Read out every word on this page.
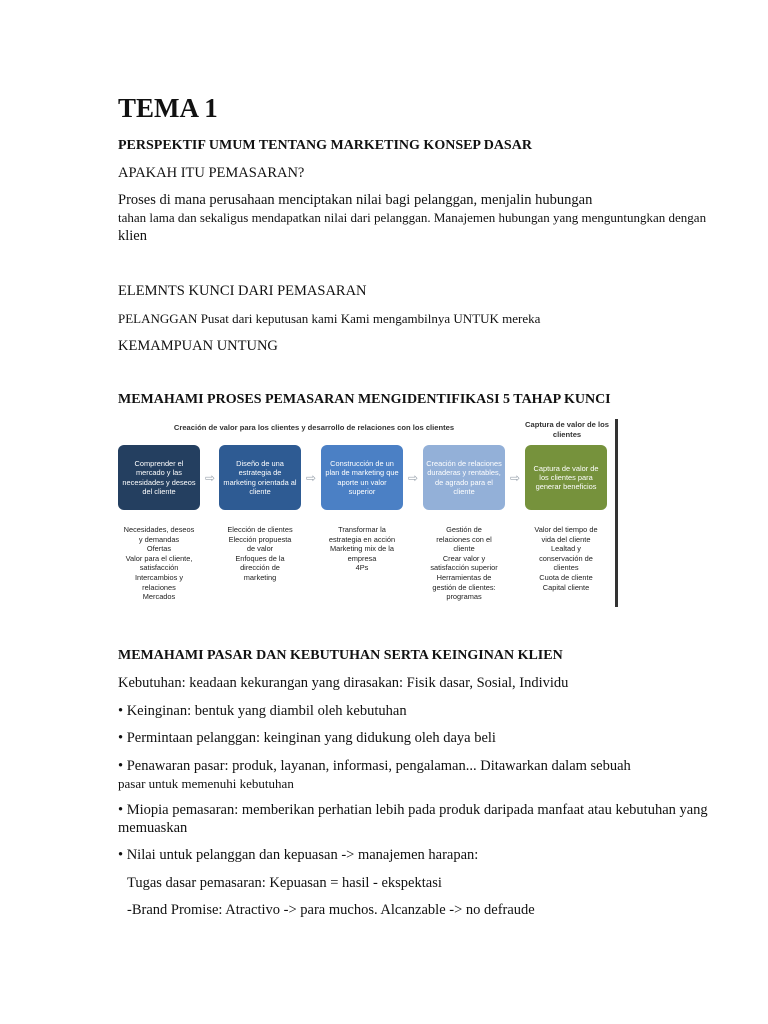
TEMA 1
PERSPEKTIF UMUM TENTANG MARKETING KONSEP DASAR
APAKAH ITU PEMASARAN?
Proses di mana perusahaan menciptakan nilai bagi pelanggan, menjalin hubungan
tahan lama dan sekaligus mendapatkan nilai dari pelanggan. Manajemen hubungan yang menguntungkan dengan
klien
ELEMNTS KUNCI DARI PEMASARAN
PELANGGAN Pusat dari keputusan kami Kami mengambilnya UNTUK mereka
KEMAMPUAN UNTUNG
MEMAHAMI PROSES PEMASARAN MENGIDENTIFIKASI 5 TAHAP KUNCI
Creación de valor para los clientes y desarrollo de relaciones con los clientes	Captura de valor de los clientes
Comprender el mercado y las necesidades y deseos del cliente
⇨
Diseño de una estrategia de marketing orientada al cliente
⇨
Construcción de un plan de marketing que aporte un valor superior
⇨
Creación de relaciones duraderas y rentables, de agrado para el cliente
⇨
Captura de valor de los clientes para generar beneficios
Necesidades, deseos
y demandas
Ofertas
Valor para el cliente,
satisfacción
Intercambios y
relaciones
Mercados
Elección de clientes
Elección propuesta
de valor
Enfoques de la
dirección de
marketing
Transformar la
estrategia en acción
Marketing mix de la
empresa
4Ps
Gestión de
relaciones con el
cliente
Crear valor y
satisfacción superior
Herramientas de
gestión de clientes:
programas
Valor del tiempo de
vida del cliente
Lealtad y
conservación de
clientes
Cuota de cliente
Capital cliente
MEMAHAMI PASAR DAN KEBUTUHAN SERTA KEINGINAN KLIEN
Kebutuhan: keadaan kekurangan yang dirasakan: Fisik dasar, Sosial, Individu
• Keinginan: bentuk yang diambil oleh kebutuhan
• Permintaan pelanggan: keinginan yang didukung oleh daya beli
• Penawaran pasar: produk, layanan, informasi, pengalaman... Ditawarkan dalam sebuah
pasar untuk memenuhi kebutuhan
• Miopia pemasaran: memberikan perhatian lebih pada produk daripada manfaat atau kebutuhan yang
memuaskan
• Nilai untuk pelanggan dan kepuasan -> manajemen harapan:
Tugas dasar pemasaran: Kepuasan = hasil - ekspektasi
-Brand Promise: Atractivo -> para muchos. Alcanzable -> no defraude
